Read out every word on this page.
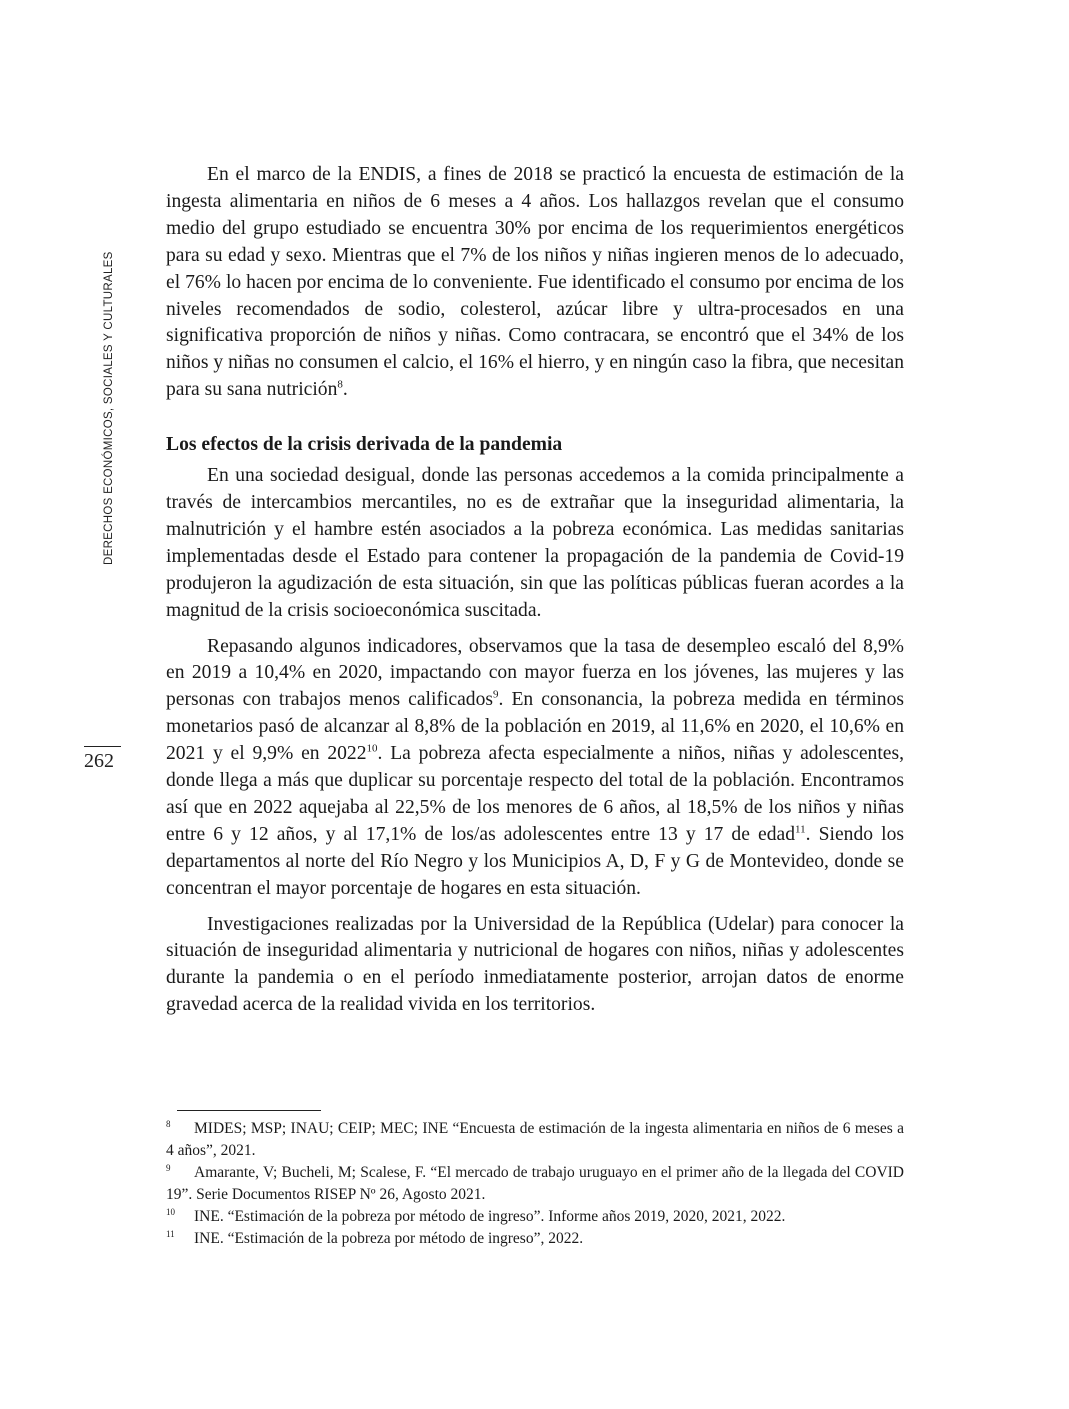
DERECHOS ECONÓMICOS, SOCIALES Y CULTURALES
262

En el marco de la ENDIS, a fines de 2018 se practicó la encuesta de estimación de la ingesta alimentaria en niños de 6 meses a 4 años. Los hallazgos revelan que el consumo medio del grupo estudiado se encuentra 30% por encima de los requerimientos energéticos para su edad y sexo. Mientras que el 7% de los niños y niñas ingieren menos de lo adecuado, el 76% lo hacen por encima de lo conveniente. Fue identificado el consumo por encima de los niveles recomendados de sodio, colesterol, azúcar libre y ultra-procesados en una significativa proporción de niños y niñas. Como contracara, se encontró que el 34% de los niños y niñas no consumen el calcio, el 16% el hierro, y en ningún caso la fibra, que necesitan para su sana nutrición$^8$.

Los efectos de la crisis derivada de la pandemia

En una sociedad desigual, donde las personas accedemos a la comida principalmente a través de intercambios mercantiles, no es de extrañar que la inseguridad alimentaria, la malnutrición y el hambre estén asociados a la pobreza económica. Las medidas sanitarias implementadas desde el Estado para contener la propagación de la pandemia de Covid-19 produjeron la agudización de esta situación, sin que las políticas públicas fueran acordes a la magnitud de la crisis socioeconómica suscitada.

Repasando algunos indicadores, observamos que la tasa de desempleo escaló del 8,9% en 2019 a 10,4% en 2020, impactando con mayor fuerza en los jóvenes, las mujeres y las personas con trabajos menos calificados$^9$. En consonancia, la pobreza medida en términos monetarios pasó de alcanzar al 8,8% de la población en 2019, al 11,6% en 2020, el 10,6% en 2021 y el 9,9% en 2022$^{10}$. La pobreza afecta especialmente a niños, niñas y adolescentes, donde llega a más que duplicar su porcentaje respecto del total de la población. Encontramos así que en 2022 aquejaba al 22,5% de los menores de 6 años, al 18,5% de los niños y niñas entre 6 y 12 años, y al 17,1% de los/as adolescentes entre 13 y 17 de edad$^{11}$. Siendo los departamentos al norte del Río Negro y los Municipios A, D, F y G de Montevideo, donde se concentran el mayor porcentaje de hogares en esta situación.

Investigaciones realizadas por la Universidad de la República (Udelar) para conocer la situación de inseguridad alimentaria y nutricional de hogares con niños, niñas y adolescentes durante la pandemia o en el período inmediatamente posterior, arrojan datos de enorme gravedad acerca de la realidad vivida en los territorios.

8 MIDES; MSP; INAU; CEIP; MEC; INE “Encuesta de estimación de la ingesta alimentaria en niños de 6 meses a 4 años”, 2021.

9 Amarante, V; Bucheli, M; Scalese, F. “El mercado de trabajo uruguayo en el primer año de la llegada del COVID 19”. Serie Documentos RISEP Nº 26, Agosto 2021.

10 INE. “Estimación de la pobreza por método de ingreso”. Informe años 2019, 2020, 2021, 2022.

11 INE. “Estimación de la pobreza por método de ingreso”, 2022.
